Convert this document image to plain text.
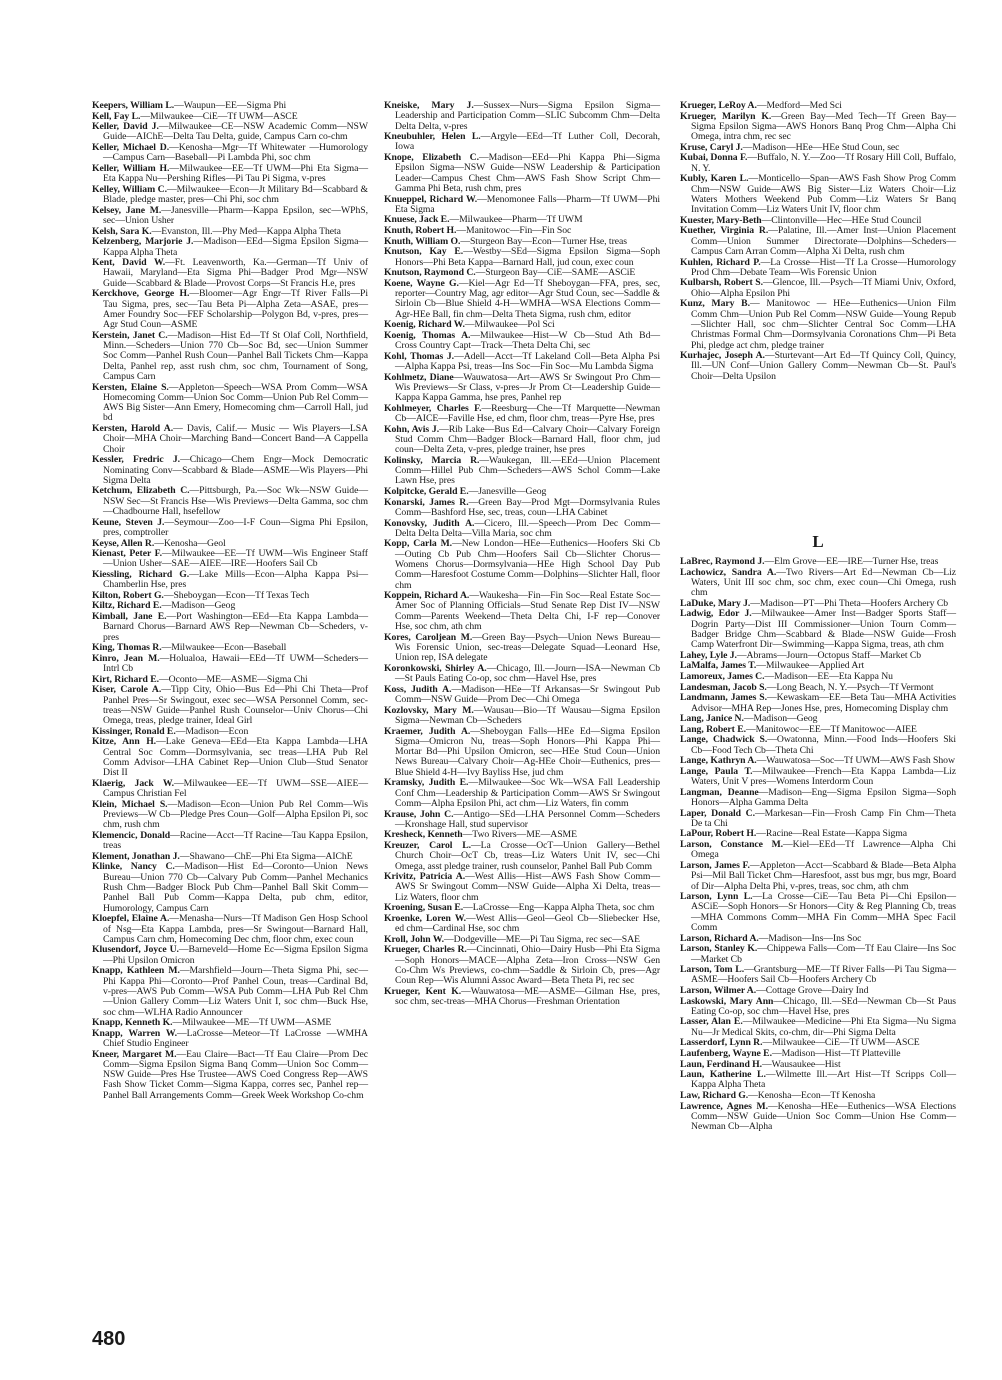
Keepers, William L.—Waupun—EE—Sigma Phi

Kell, Fay L.—Milwaukee—CiE—Tf UWM—ASCE

Keller, David J.—Milwaukee—CE—NSW Academic Comm—NSW Guide—AIChE—Delta Tau Delta, guide, Campus Carn co-chm

Keller, Michael D.—Kenosha—Mgr—Tf Whitewater —Humorology—Campus Carn—Baseball—Pi Lambda Phi, soc chm

Keller, William H.—Milwaukee—EE—Tf UWM—Phi Eta Sigma—Eta Kappa Nu—Pershing Rifles—Pi Tau Pi Sigma, v-pres

Kelley, William C.—Milwaukee—Econ—Jt Military Bd—Scabbard & Blade, pledge master, pres—Chi Phi, soc chm

Kelsey, Jane M.—Janesville—Pharm—Kappa Epsilon, sec—WPhS, sec—Union Usher

Kelsh, Sara K.—Evanston, Ill.—Phy Med—Kappa Alpha Theta

Kelzenberg, Marjorie J.—Madison—EEd—Sigma Epsilon Sigma—Kappa Alpha Theta

Kent, David W.—Ft. Leavenworth, Ka.—German—Tf Univ of Hawaii, Maryland—Eta Sigma Phi—Badger Prod Mgr—NSW Guide—Scabbard & Blade—Provost Corps—St Francis H.e, pres

Kerckhove, George H.—Bloomer—Agr Engr—Tf River Falls—Pi Tau Sigma, pres, sec—Tau Beta Pi—Alpha Zeta—ASAE, pres—Amer Foundry Soc—FEF Scholarship—Polygon Bd, v-pres, pres—Agr Stud Coun—ASME

Kerstein, Janet C.—Madison—Hist Ed—Tf St Olaf Coll, Northfield, Minn.—Scheders—Union 770 Cb—Soc Bd, sec—Union Summer Soc Comm—Panhel Rush Coun—Panhel Ball Tickets Chm—Kappa Delta, Panhel rep, asst rush chm, soc chm, Tournament of Song, Campus Carn

Kersten, Elaine S.—Appleton—Speech—WSA Prom Comm—WSA Homecoming Comm—Union Soc Comm—Union Pub Rel Comm—AWS Big Sister—Ann Emery, Homecoming chm—Carroll Hall, jud bd

Kersten, Harold A.— Davis, Calif.— Music — Wis Players—LSA Choir—MHA Choir—Marching Band—Concert Band—A Cappella Choir

Kessler, Fredric J.—Chicago—Chem Engr—Mock Democratic Nominating Conv—Scabbard & Blade—ASME—Wis Players—Phi Sigma Delta

Ketchum, Elizabeth C.—Pittsburgh, Pa.—Soc Wk—NSW Guide—NSW Sec—St Francis Hse—Wis Previews—Delta Gamma, soc chm—Chadbourne Hall, hsefellow

Keune, Steven J.—Seymour—Zoo—I-F Coun—Sigma Phi Epsilon, pres, comptroller

Keyse, Allen R.—Kenosha—Geol

Kienast, Peter F.—Milwaukee—EE—Tf UWM—Wis Engineer Staff—Union Usher—SAE—AIEE—IRE—Hoofers Sail Cb

Kiessling, Richard G.—Lake Mills—Econ—Alpha Kappa Psi—Chamberlin Hse, pres

Kilton, Robert G.—Sheboygan—Econ—Tf Texas Tech

Kiltz, Richard E.—Madison—Geog

Kimball, Jane E.—Port Washington—EEd—Eta Kappa Lambda—Barnard Chorus—Barnard AWS Rep—Newman Cb—Scheders, v-pres

King, Thomas R.—Milwaukee—Econ—Baseball

Kinro, Jean M.—Holualoa, Hawaii—EEd—Tf UWM—Scheders—Intrl Cb

Kirt, Richard E.—Oconto—ME—ASME—Sigma Chi

Kiser, Carole A.—Tipp City, Ohio—Bus Ed—Phi Chi Theta—Prof Panhel Pres—Sr Swingout, exec sec—WSA Personnel Comm, sec-treas—NSW Guide—Panhel Rush Counselor—Univ Chorus—Chi Omega, treas, pledge trainer, Ideal Girl

Kissinger, Ronald E.—Madison—Econ

Kitze, Ann H.—Lake Geneva—EEd—Eta Kappa Lambda—LHA Central Soc Comm—Dormsylvania, sec treas—LHA Pub Rel Comm Advisor—LHA Cabinet Rep—Union Club—Stud Senator Dist II

Klaerig, Jack W.—Milwaukee—EE—Tf UWM—SSE—AIEE—Campus Christian Fel

Klein, Michael S.—Madison—Econ—Union Pub Rel Comm—Wis Previews—W Cb—Pledge Pres Coun—Golf—Alpha Epsilon Pi, soc chm, rush chm

Klemencic, Donald—Racine—Acct—Tf Racine—Tau Kappa Epsilon, treas

Klement, Jonathan J.—Shawano—ChE—Phi Eta Sigma—AIChE

Klinke, Nancy C.—Madison—Hist Ed—Coronto—Union News Bureau—Union 770 Cb—Calvary Pub Comm—Panhel Mechanics Rush Chm—Badger Block Pub Chm—Panhel Ball Skit Comm—Panhel Ball Pub Comm—Kappa Delta, pub chm, editor, Humorology, Campus Carn

Kloepfel, Elaine A.—Menasha—Nurs—Tf Madison Gen Hosp School of Nsg—Eta Kappa Lambda, pres—Sr Swingout—Barnard Hall, Campus Carn chm, Homecoming Dec chm, floor chm, exec coun

Klusendorf, Joyce U.—Barneveld—Home Ec—Sigma Epsilon Sigma—Phi Upsilon Omicron

Knapp, Kathleen M.—Marshfield—Journ—Theta Sigma Phi, sec—Phi Kappa Phi—Coronto—Prof Panhel Coun, treas—Cardinal Bd, v-pres—AWS Pub Comm—WSA Pub Comm—LHA Pub Rel Chm—Union Gallery Comm—Liz Waters Unit I, soc chm—Buck Hse, soc chm—WLHA Radio Announcer

Knapp, Kenneth K.—Milwaukee—ME—Tf UWM—ASME

Knapp, Warren W.—LaCrosse—Meteor—Tf LaCrosse —WMHA Chief Studio Engineer

Kneer, Margaret M.—Eau Claire—Bact—Tf Eau Claire—Prom Dec Comm—Sigma Epsilon Sigma Banq Comm—Union Soc Comm—NSW Guide—Pres Hse Trustee—AWS Coed Congress Rep—AWS Fash Show Ticket Comm—Sigma Kappa, corres sec, Panhel rep—Panhel Ball Arrangements Comm—Greek Week Workshop Co-chm

Kneiske, Mary J.—Sussex—Nurs—Sigma Epsilon Sigma—Leadership and Participation Comm—SLIC Subcomm Chm—Delta Delta Delta, v-pres

Kneubuhler, Helen L.—Argyle—EEd—Tf Luther Coll, Decorah, Iowa

Knope, Elizabeth C.—Madison—EEd—Phi Kappa Phi—Sigma Epsilon Sigma—NSW Guide—NSW Leadership & Participation Leader—Campus Chest Chm—AWS Fash Show Script Chm—Gamma Phi Beta, rush chm, pres

Knueppel, Richard W.—Menomonee Falls—Pharm—Tf UWM—Phi Eta Sigma

Knuese, Jack E.—Milwaukee—Pharm—Tf UWM

Knuth, Robert H.—Manitowoc—Fin—Fin Soc

Knuth, William O.—Sturgeon Bay—Econ—Turner Hse, treas

Knutson, Kay E.—Westby—SEd—Sigma Epsilon Sigma—Soph Honors—Phi Beta Kappa—Barnard Hall, jud coun, exec coun

Knutson, Raymond C.—Sturgeon Bay—CiE—SAME—ASCiE

Koene, Wayne G.—Kiel—Agr Ed—Tf Sheboygan—FFA, pres, sec, reporter—Country Mag, agr editor—Agr Stud Coun, sec—Saddle & Sirloin Cb—Blue Shield 4-H—WMHA—WSA Elections Comm—Agr-HEe Ball, fin chm—Delta Theta Sigma, rush chm, editor

Koenig, Richard W.—Milwaukee—Pol Sci

Koenig, Thomas A.—Milwaukee—Hist—W Cb—Stud Ath Bd—Cross Country Capt—Track—Theta Delta Chi, sec

Kohl, Thomas J.—Adell—Acct—Tf Lakeland Coll—Beta Alpha Psi—Alpha Kappa Psi, treas—Ins Soc—Fin Soc—Mu Lambda Sigma

Kohlmetz, Diane—Wauwatosa—Art—AWS Sr Swingout Pro Chm—Wis Previews—Sr Class, v-pres—Jr Prom Ct—Leadership Guide—Kappa Kappa Gamma, hse pres, Panhel rep

Kohlmeyer, Charles F.—Reesburg—Che—Tf Marquette—Newman Cb—AICE—Faville Hse, ed chm, floor chm, treas—Pyre Hse, pres

Kohn, Avis J.—Rib Lake—Bus Ed—Calvary Choir—Calvary Foreign Stud Comm Chm—Badger Block—Barnard Hall, floor chm, jud coun—Delta Zeta, v-pres, pledge trainer, hse pres

Kolinsky, Marcia R.—Waukegan, Ill.—EEd—Union Placement Comm—Hillel Pub Chm—Scheders—AWS Schol Comm—Lake Lawn Hse, pres

Kolpitcke, Gerald E.—Janesville—Geog

Konarski, James R.—Green Bay—Prod Mgt—Dormsylvania Rules Comm—Bashford Hse, sec, treas, coun—LHA Cabinet

Konovsky, Judith A.—Cicero, Ill.—Speech—Prom Dec Comm—Delta Delta Delta—Villa Maria, soc chm

Kopp, Carla M.—New London—HEe—Euthenics—Hoofers Ski Cb—Outing Cb Pub Chm—Hoofers Sail Cb—Slichter Chorus—Womens Chorus—Dormsylvania—HEe High School Day Pub Comm—Haresfoot Costume Comm—Dolphins—Slichter Hall, floor chm

Koppein, Richard A.—Waukesha—Fin—Fin Soc—Real Estate Soc—Amer Soc of Planning Officials—Stud Senate Rep Dist IV—NSW Comm—Parents Weekend—Theta Delta Chi, I-F rep—Conover Hse, soc chm, ath chm

Kores, Caroljean M.—Green Bay—Psych—Union News Bureau—Wis Forensic Union, sec-treas—Delegate Squad—Leonard Hse, Union rep, ISA delegate

Koronkowski, Shirley A.—Chicago, Ill.—Journ—ISA—Newman Cb—St Pauls Eating Co-op, soc chm—Havel Hse, pres

Koss, Judith A.—Madison—HEe—Tf Arkansas—Sr Swingout Pub Comm—NSW Guide—Prom Dec—Chi Omega

Kozlovsky, Mary M.—Wausau—Bio—Tf Wausau—Sigma Epsilon Sigma—Newman Cb—Scheders

Kraemer, Judith A.—Sheboygan Falls—HEe Ed—Sigma Epsilon Sigma—Omicron Nu, treas—Soph Honors—Phi Kappa Phi—Mortar Bd—Phi Upsilon Omicron, sec—HEe Stud Coun—Union News Bureau—Calvary Choir—Ag-HEe Choir—Euthenics, pres—Blue Shield 4-H—Ivy Bayliss Hse, jud chm

Kramsky, Judith E.—Milwaukee—Soc Wk—WSA Fall Leadership Conf Chm—Leadership & Participation Comm—AWS Sr Swingout Comm—Alpha Epsilon Phi, act chm—Liz Waters, fin comm

Krause, John C.—Antigo—SEd—LHA Personnel Comm—Scheders—Kronshage Hall, stud supervisor

Kresheck, Kenneth—Two Rivers—ME—ASME

Kreuzer, Carol L.—La Crosse—OcT—Union Gallery—Bethel Church Choir—OcT Cb, treas—Liz Waters Unit IV, sec—Chi Omega, asst pledge trainer, rush counselor, Panhel Ball Pub Comm

Krivitz, Patricia A.—West Allis—Hist—AWS Fash Show Comm—AWS Sr Swingout Comm—NSW Guide—Alpha Xi Delta, treas—Liz Waters, floor chm

Kroening, Susan E.—LaCrosse—Eng—Kappa Alpha Theta, soc chm

Kroenke, Loren W.—West Allis—Geol—Geol Cb—Sliebecker Hse, ed chm—Cardinal Hse, soc chm

Kroll, John W.—Dodgeville—ME—Pi Tau Sigma, rec sec—SAE

Krueger, Charles R.—Cincinnati, Ohio—Dairy Husb—Phi Eta Sigma—Soph Honors—MACE—Alpha Zeta—Iron Cross—NSW Gen Co-Chm Ws Previews, co-chm—Saddle & Sirloin Cb, pres—Agr Coun Rep—Wis Alumni Assoc Award—Beta Theta Pi, rec sec

Krueger, Kent K.—Wauwatosa—ME—ASME—Gilman Hse, pres, soc chm, sec-treas—MHA Chorus—Freshman Orientation

Krueger, LeRoy A.—Medford—Med Sci

Krueger, Marilyn K.—Green Bay—Med Tech—Tf Green Bay—Sigma Epsilon Sigma—AWS Honors Banq Prog Chm—Alpha Chi Omega, intra chm, rec sec

Kruse, Caryl J.—Madison—HEe—HEe Stud Coun, sec

Kubai, Donna F.—Buffalo, N. Y.—Zoo—Tf Rosary Hill Coll, Buffalo, N. Y.

Kubly, Karen L.—Monticello—Span—AWS Fash Show Prog Comm Chm—NSW Guide—AWS Big Sister—Liz Waters Choir—Liz Waters Mothers Weekend Pub Comm—Liz Waters Sr Banq Invitation Comm—Liz Waters Unit IV, floor chm

Kuester, Mary-Beth—Clintonville—Hec—HEe Stud Council

Kuether, Virginia R.—Palatine, Ill.—Amer Inst—Union Placement Comm—Union Summer Directorate—Dolphins—Scheders—Campus Carn Arran Comm—Alpha Xi Delta, rush chm

Kuhlen, Richard P.—La Crosse—Hist—Tf La Crosse—Humorology Prod Chm—Debate Team—Wis Forensic Union

Kulbarsh, Robert S.—Glencoe, Ill.—Psych—Tf Miami Univ, Oxford, Ohio—Alpha Epsilon Phi

Kunz, Mary B.— Manitowoc — HEe—Euthenics—Union Film Comm Chm—Union Pub Rel Comm—NSW Guide—Young Repub—Slichter Hall, soc chm—Slichter Central Soc Comm—LHA Christmas Formal Chm—Dormsylvania Coronations Chm—Pi Beta Phi, pledge act chm, pledge trainer

Kurhajec, Joseph A.—Sturtevant—Art Ed—Tf Quincy Coll, Quincy, Ill.—UN Conf—Union Gallery Comm—Newman Cb—St. Paul's Choir—Delta Upsilon

L

LaBrec, Raymond J.—Elm Grove—EE—IRE—Turner Hse, treas

Lachowicz, Sandra A.—Two Rivers—Art Ed—Newman Cb—Liz Waters, Unit III soc chm, soc chm, exec coun—Chi Omega, rush chm

LaDuke, Mary J.—Madison—PT—Phi Theta—Hoofers Archery Cb

Ladwig, Edor J.—Milwaukee—Amer Inst—Badger Sports Staff—Dogrin Party—Dist III Commissioner—Union Tourn Comm—Badger Bridge Chm—Scabbard & Blade—NSW Guide—Frosh Camp Waterfront Dir—Swimming—Kappa Sigma, treas, ath chm

Lahey, Lyle J.—Abrams—Journ—Octopus Staff—Market Cb

LaMalfa, James T.—Milwaukee—Applied Art

Lamoreux, James C.—Madison—EE—Eta Kappa Nu

Landesman, Jacob S.—Long Beach, N. Y.—Psych—Tf Vermont

Landmann, James S.—Kewaskam—EE—Beta Tau—MHA Activities Advisor—MHA Rep—Jones Hse, pres, Homecoming Display chm

Lang, Janice N.—Madison—Geog

Lang, Robert E.—Manitowoc—EE—Tf Manitowoc—AIEE

Lange, Chadwick S.—Owatonna, Minn.—Food Inds—Hoofers Ski Cb—Food Tech Cb—Theta Chi

Lange, Kathryn A.—Wauwatosa—Soc—Tf UWM—AWS Fash Show

Lange, Paula T.—Milwaukee—French—Eta Kappa Lambda—Liz Waters, Unit V pres—Womens Interdorm Coun

Langman, Deanne—Madison—Eng—Sigma Epsilon Sigma—Soph Honors—Alpha Gamma Delta

Laper, Donald C.—Markesan—Fin—Frosh Camp Fin Chm—Theta De ta Chi

LaPour, Robert H.—Racine—Real Estate—Kappa Sigma

Larson, Constance M.—Kiel—EEd—Tf Lawrence—Alpha Chi Omega

Larson, James F.—Appleton—Acct—Scabbard & Blade—Beta Alpha Psi—Mil Ball Ticket Chm—Haresfoot, asst bus mgr, bus mgr, Board of Dir—Alpha Delta Phi, v-pres, treas, soc chm, ath chm

Larson, Lynn L.—La Crosse—CiE—Tau Beta Pi—Chi Epsilon—ASCiE—Soph Honors—Sr Honors—City & Reg Planning Cb, treas—MHA Commons Comm—MHA Fin Comm—MHA Spec Facil Comm

Larson, Richard A.—Madison—Ins—Ins Soc

Larson, Stanley K.—Chippewa Falls—Com—Tf Eau Claire—Ins Soc—Market Cb

Larson, Tom L.—Grantsburg—ME—Tf River Falls—Pi Tau Sigma—ASME—Hoofers Sail Cb—Hoofers Archery Cb

Larson, Wilmer A.—Cottage Grove—Dairy Ind

Laskowski, Mary Ann—Chicago, Ill.—SEd—Newman Cb—St Paus Eating Co-op, soc chm—Havel Hse, pres

Lasser, Alan E.—Milwaukee—Medicine—Phi Eta Sigma—Nu Sigma Nu—Jr Medical Skits, co-chm, dir—Phi Sigma Delta

Lasserdorf, Lynn R.—Milwaukee—CiE—Tf UWM—ASCE

Laufenberg, Wayne E.—Madison—Hist—Tf Platteville

Laun, Ferdinand H.—Wausaukee—Hist

Laun, Katherine L.—Wilmette Ill.—Art Hist—Tf Scripps Coll—Kappa Alpha Theta

Law, Richard G.—Kenosha—Econ—Tf Kenosha

Lawrence, Agnes M.—Kenosha—HEe—Euthenics—WSA Elections Comm—NSW Guide—Union Soc Comm—Union Hse Comm—Newman Cb—Alpha

480
